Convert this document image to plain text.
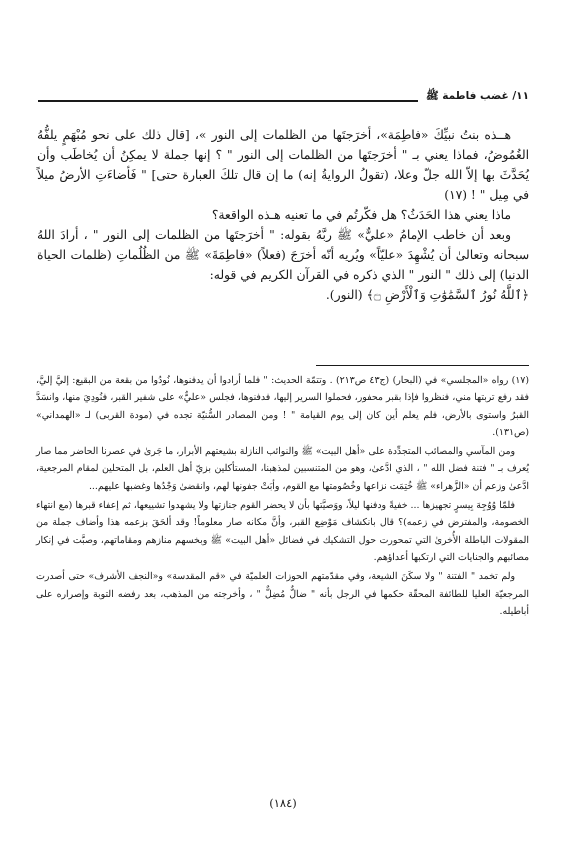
١١/ غضب فاطمة ﷺ

هــذه بنتُ نبيِّكَ «فاطِمَة»، أخرَجتَها من الظلمات إلى النور »، [قال ذلك على نحو مُبْهَمٍ يلفُّهُ الغُمُوضُ، فماذا يعني بـ " أخرَجتَها من الظلمات إلى النور " ؟ إنها جملة لا يمكِنُ أن يُخاطَب وأن يُحَدَّثَ بها إلاّ الله جلّ وعلا، (تقولُ الروايةُ إنه) ما إن قال تلكَ العبارة حتى] " فَأضاءَتِ الأرضُ ميلاً في مِيل " ! (١٧)

ماذا يعني هذا الحَدَثُ؟ هل فكّرتُم في ما تعنيه هـذه الواقعة؟

وبعد أن خاطب الإمامُ «عليٌّ» ﷺ ربَّهُ بقوله: " أخرَجتَها من الظلمات إلى النور " ، أرادَ اللهُ سبحانه وتعالىٰ أن يُشْهِدَ «عليّاً» ويُريه أنّه أخرَجَ (فعلاً) «فاطِمَةَ» ﷺ من الظُلُماتِ (ظلمات الحياة الدنيا) إلى ذلك " النور " الذي ذكره في القرآن الكريم في قوله:

﴿ٱللَّهُ نُورُ ٱلسَّمَٰوَٰتِ وَٱلْأَرْضِ ۝﴾ (النور).

(١٧) رواه «المجلسي» في (البحار) (ج٤٣ ص٢١٣) . وتتمّة الحديث: " فلما أرادوا أن يدفنوها، نُودُوا من بقعة من البقيع: إليَّ إليَّ، فقد رفع تربتها مني، فنظروا فإذا بقبر محفور، فحملوا السرير إليها، فدفنوها، فجلس «عليٌّ» على شفير القبر، فنُودِيَ منها، وانسَدَّ القبرُ واستوى بالأرض، فلم يعلم أين كان إلى يوم القيامة " ! ومن المصادر السُّنيّة تجده في (مودة القربى) لـ «الهمداني» (ص١٣١).

ومن المآسي والمصائب المتجدِّدة على «أهل البيت» ﷺ والنوائب النازلة بشيعتهم الأبرار، ما جَرىٰ في عصرنا الحاضر مما صار يُعرف بـ " فتنة فضل الله " ، الذي ادَّعىٰ، وهو من المتنسبين لمذهبنا، المستأكلين بزيّ أهل العلم، بل المتحلين لمقام المرجعية، ادَّعىٰ وزعم أن «الزَّهراء» ﷺ خُتِمَت نزاعها وخُصُومتها مع القوم، وأبَتْ جفونها لهم، وانقضىٰ وَجْدُها وغضبها عليهم...

فلمّا وُوُجِهَ بِيسرٍ تجهيزها ... خفيةً ودفنها ليلاً، ووَصيَّتها بأن لا يحضر القوم جنازتها ولا يشهدوا تشييعها، ثم إعفاء قبرها (مع انتهاء الخصومة، والمفترض في زعمه)؟ قال بانكشاف مَوْضِع القبر، وأنَّ مكانه صار معلوماً! وقد ألحَقَ بزعمه هذا وأضاف جملة من المقولات الباطلة الأُخرىٰ التي تمحورت حول التشكيك في فضائل «أهل البيت» ﷺ وبخسهم منازهم ومقاماتهم، وصبَّت في إنكار مصائبهم والجنايات التي ارتكبها أعداؤهم.

ولم تخمد " الفتنة " ولا سكَنَ الشيعة، وفي مقدّمتهم الحوزات العلميّة في «قم المقدسة» و«النجف الأشرف» حتى أصدرت المرجعيّة العليا للطائفة المحقّة حكمها في الرجل بأنه " ضالٌّ مُضِلٌّ " ، وأخرجته من المذهب، بعد رفضه التوبة وإصراره على أباطيله.

(١٨٤)
